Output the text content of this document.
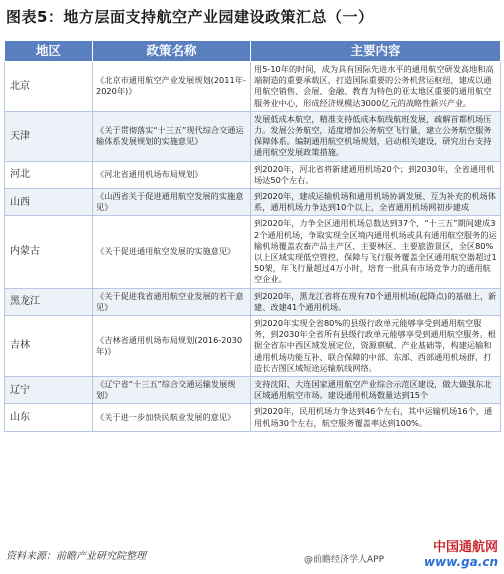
图表5：地方层面支持航空产业园建设政策汇总（一）
地区	政策名称	主要内容
北京	《北京市通用航空产业发展规划(2011年-2020年)》	用5-10年的时间，成为具有国际先进水平的通用航空研发高地和高端制造的重要承载区，打造国际重要的公务机营运枢纽，建成以通用航空销售、会展、金融、教育为特色的亚太地区重要的通用航空服务业中心，形成经济规模达3000亿元的战略性新兴产业。
天津	《关于贯彻落实“十三五”现代综合交通运输体系发展规划的实施意见》	发展低成本航空，精准支持低成本航线航班发展，疏解首都机场压力。发展公务航空，适度增加公务航空飞行量，建立公务航空服务保障体系。编制通用航空机场规划，启动相关建设，研究出台支持通用航空发展政策措施。
河北	《河北省通用机场布局规划》	到2020年，河北省将新建通用机场20个；到2030年，全省通用机场达50个左右。
山西	《山西省关于促进通用航空发展的实施意见》	到2020年，建成运输机场和通用机场协调发展、互为补充的机场体系，通用机场力争达到10个以上，全省通用机场网初步建成
内蒙古	《关于促进通用航空发展的实施意见》	到2020年，力争全区通用机场总数达到37个，“十三五”期间建成32个通用机场，争取实现全区境内通用机场或具有通用航空服务的运输机场覆盖农畜产品主产区、主要林区、主要旅游景区，全区80%以上区域实现低空管控，保障与飞行服务覆盖全区通用航空器超过150架，年飞行量超过4万小时，培育一批具有市场竞争力的通用航空企业。
黑龙江	《关于促进我省通用航空业发展的若干意见》	到2020年，黑龙江省将在现有70个通用机场(起降点)的基础上，新建、改建41个通用机场。
吉林	《吉林省通用机场布局规划(2016-2030年)》	到2020年实现全省80%的县级行政单元能够享受到通用航空服务，到2030年全省所有县级行政单元能够享受到通用航空服务。根据全省东中西区域发展定位，资源禀赋、产业基础等，构建运输和通用机场功能互补、联合保障的中部、东部、西部通用机场群，打造长吉图区域短途运输航线网络。
辽宁	《辽宁省“十三五”综合交通运输发展规划》	支持沈阳、大连国家通用航空产业综合示范区建设，做大做强东北区域通用航空市场。建设通用机场数量达到15个
山东	《关于进一步加快民航业发展的意见》	到2020年，民用机场力争达到46个左右，其中运输机场16个，通用机场30个左右，航空服务覆盖率达到100%。
资料来源：前瞻产业研究院整理
中国通航网
www.ga.cn
@前瞻经济学人APP
